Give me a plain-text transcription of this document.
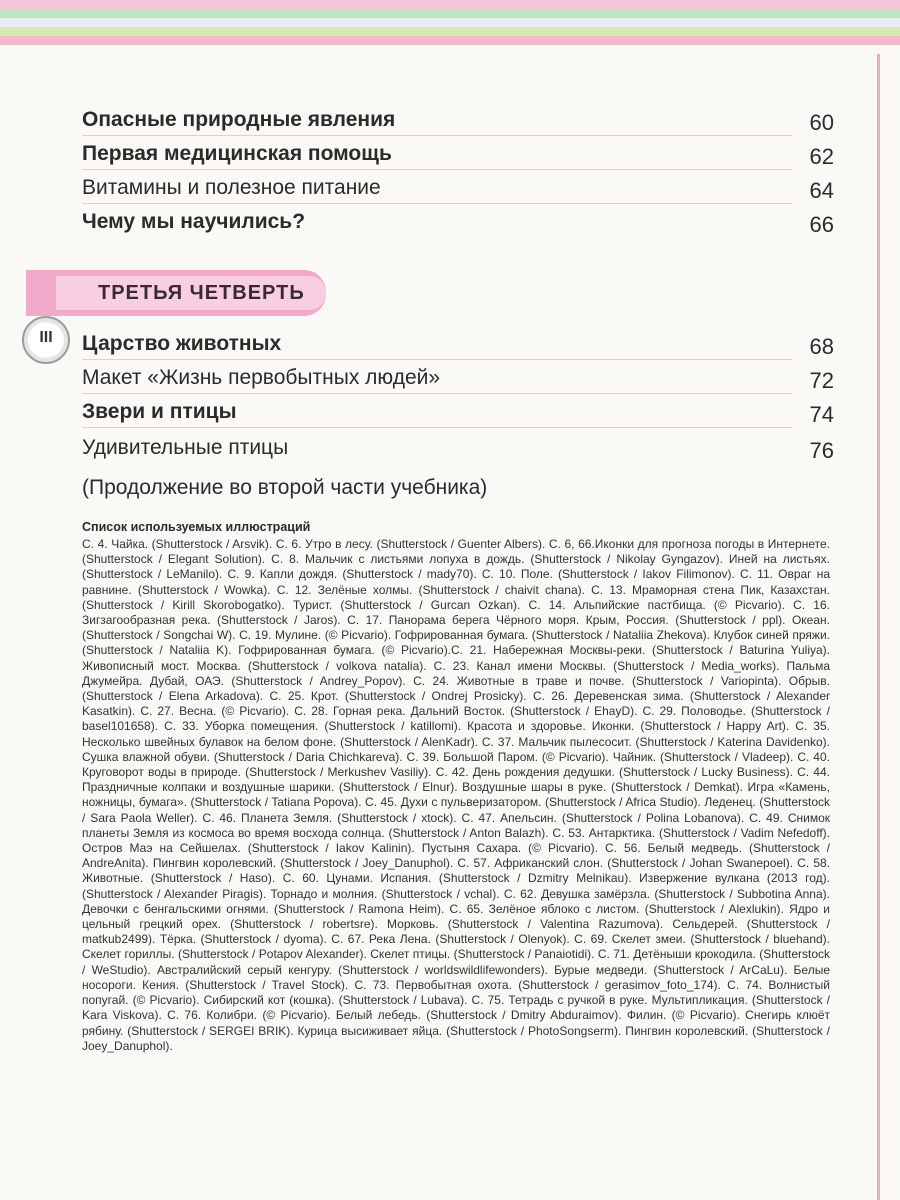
Опасные природные явления	60
Первая медицинская помощь	62
Витамины и полезное питание	64
Чему мы научились?	66
ТРЕТЬЯ ЧЕТВЕРТЬ
III	Царство животных	68
Макет «Жизнь первобытных людей»	72
Звери и птицы	74
Удивительные птицы	76
(Продолжение во второй части учебника)
Список используемых иллюстраций
С. 4. Чайка. (Shutterstock / Arsvik). С. 6. Утро в лесу. (Shutterstock / Guenter Albers). С. 6, 66.Иконки для прогноза погоды в Интернете. (Shutterstock / Elegant Solution). С. 8. Мальчик с листьями лопуха в дождь. (Shutterstock / Nikolay Gyngazov). Иней на листьях. (Shutterstock / LeManilo). С. 9. Капли дождя. (Shutterstock / mady70). С. 10. Поле. (Shutterstock / Iakov Filimonov). С. 11. Овраг на равнине. (Shutterstock / Wowka). С. 12. Зелёные холмы. (Shutterstock / chaivit chana). С. 13. Мраморная стена Пик, Казахстан. (Shutterstock / Kirill Skorobogatko). Турист. (Shutterstock / Gurcan Ozkan). С. 14. Альпийские пастбища. (© Picvario). С. 16. Зигзагообразная река. (Shutterstock / Jaros). С. 17. Панорама берега Чёрного моря. Крым, Россия. (Shutterstock / ppl). Океан. (Shutterstock / Songchai W). С. 19. Мулине. (© Picvario). Гофрированная бумага. (Shutterstock / Nataliia Zhekova). Клубок синей пряжи. (Shutterstock / Nataliia K). Гофрированная бумага. (© Picvario).С. 21. Набережная Москвы-реки. (Shutterstock / Baturina Yuliya). Живописный мост. Москва. (Shutterstock / volkova natalia). С. 23. Канал имени Москвы. (Shutterstock / Media_works). Пальма Джумейра. Дубай, ОАЭ. (Shutterstock / Andrey_Popov). С. 24. Животные в траве и почве. (Shutterstock / Variopinta). Обрыв. (Shutterstock / Elena Arkadova). С. 25. Крот. (Shutterstock / Ondrej Prosicky). С. 26. Деревенская зима. (Shutterstock / Alexander Kasatkin). С. 27. Весна. (© Picvario). С. 28. Горная река. Дальний Восток. (Shutterstock / EhayD). С. 29. Половодье. (Shutterstock / basel101658). С. 33. Уборка помещения. (Shutterstock / katillomi). Красота и здоровье. Иконки. (Shutterstock / Happy Art). С. 35. Несколько швейных булавок на белом фоне. (Shutterstock / AlenKadr). С. 37. Мальчик пылесосит. (Shutterstock / Katerina Davidenko). Сушка влажной обуви. (Shutterstock / Daria Chichkareva). С. 39. Большой Паром. (© Picvario). Чайник. (Shutterstock / Vladeep). С. 40. Круговорот воды в природе. (Shutterstock / Merkushev Vasiliy). С. 42. День рождения дедушки. (Shutterstock / Lucky Business). С. 44. Праздничные колпаки и воздушные шарики. (Shutterstock / Elnur). Воздушные шары в руке. (Shutterstock / Demkat). Игра «Камень, ножницы, бумага». (Shutterstock / Tatiana Popova). С. 45. Духи с пульверизатором. (Shutterstock / Africa Studio). Леденец. (Shutterstock / Sara Paola Weller). С. 46. Планета Земля. (Shutterstock / xtock). С. 47. Апельсин. (Shutterstock / Polina Lobanova). С. 49. Снимок планеты Земля из космоса во время восхода солнца. (Shutterstock / Anton Balazh). С. 53. Антарктика. (Shutterstock / Vadim Nefedoff). Остров Маэ на Сейшелах. (Shutterstock / Iakov Kalinin). Пустыня Сахара. (© Picvario). С. 56. Белый медведь. (Shutterstock / AndreAnita). Пингвин королевский. (Shutterstock / Joey_Danuphol). С. 57. Африканский слон. (Shutterstock / Johan Swanepoel). С. 58. Животные. (Shutterstock / Haso). С. 60. Цунами. Испания. (Shutterstock / Dzmitry Melnikau). Извержение вулкана (2013 год). (Shutterstock / Alexander Piragis). Торнадо и молния. (Shutterstock / vchal). С. 62. Девушка замёрзла. (Shutterstock / Subbotina Anna). Девочки с бенгальскими огнями. (Shutterstock / Ramona Heim). С. 65. Зелёное яблоко с листом. (Shutterstock / Alexlukin). Ядро и цельный грецкий орех. (Shutterstock / robertsre). Морковь. (Shutterstock / Valentina Razumova). Сельдерей. (Shutterstock / matkub2499). Тёрка. (Shutterstock / dyoma). С. 67. Река Лена. (Shutterstock / Olenyok). С. 69. Скелет змеи. (Shutterstock / bluehand). Скелет гориллы. (Shutterstock / Potapov Alexander). Скелет птицы. (Shutterstock / Panaiotidi). С. 71. Детёныши крокодила. (Shutterstock / WeStudio). Австралийский серый кенгуру. (Shutterstock / worldswildlifewonders). Бурые медведи. (Shutterstock / ArCaLu). Белые носороги. Кения. (Shutterstock / Travel Stock). С. 73. Первобытная охота. (Shutterstock / gerasimov_foto_174). С. 74. Волнистый попугай. (© Picvario). Сибирский кот (кошка). (Shutterstock / Lubava). С. 75. Тетрадь с ручкой в руке. Мультипликация. (Shutterstock / Kara Viskova). С. 76. Колибри. (© Picvario). Белый лебедь. (Shutterstock / Dmitry Abduraimov). Филин. (© Picvario). Снегирь клюёт рябину. (Shutterstock / SERGEI BRIK). Курица высиживает яйца. (Shutterstock / PhotoSongserm). Пингвин королевский. (Shutterstock / Joey_Danuphol).
